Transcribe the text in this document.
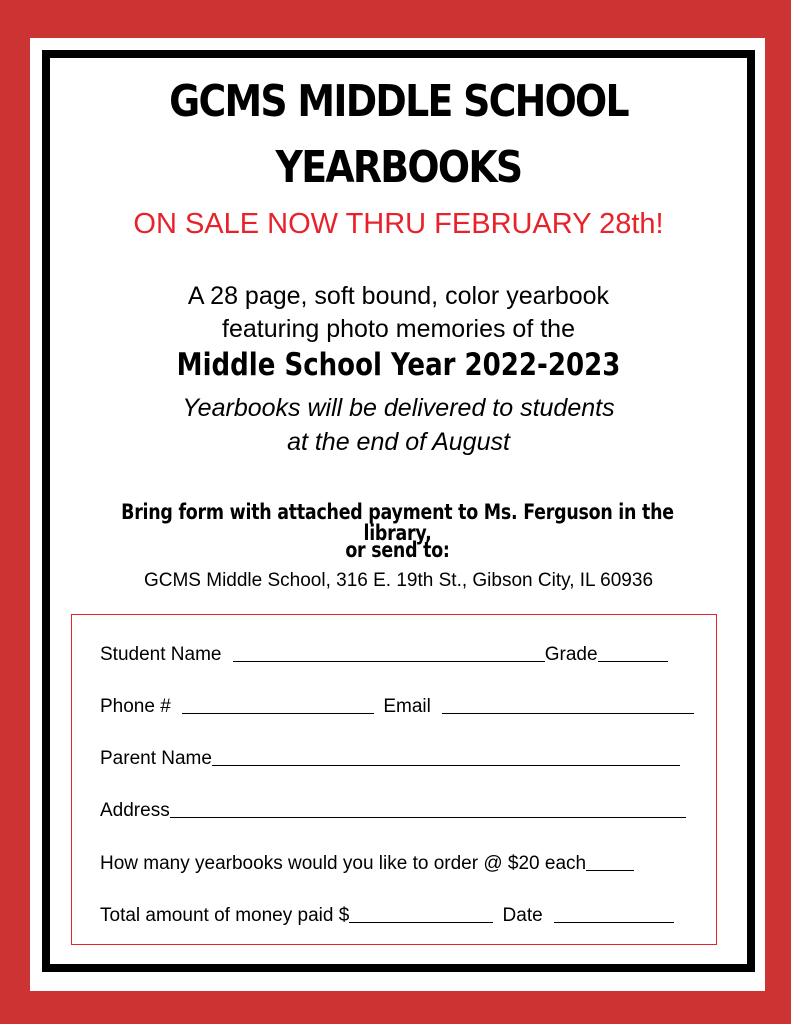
GCMS MIDDLE SCHOOL
YEARBOOKS
ON SALE NOW THRU FEBRUARY 28th!
A 28 page, soft bound, color yearbook
featuring photo memories of the
Middle School Year 2022-2023
Yearbooks will be delivered to students
at the end of August
Bring form with attached payment to Ms. Ferguson in the library,
or send to:
GCMS Middle School, 316 E. 19th St., Gibson City, IL 60936
Student Name	Grade
Phone #	Email
Parent Name
Address
How many yearbooks would you like to order @ $20 each
Total amount of money paid $	Date
